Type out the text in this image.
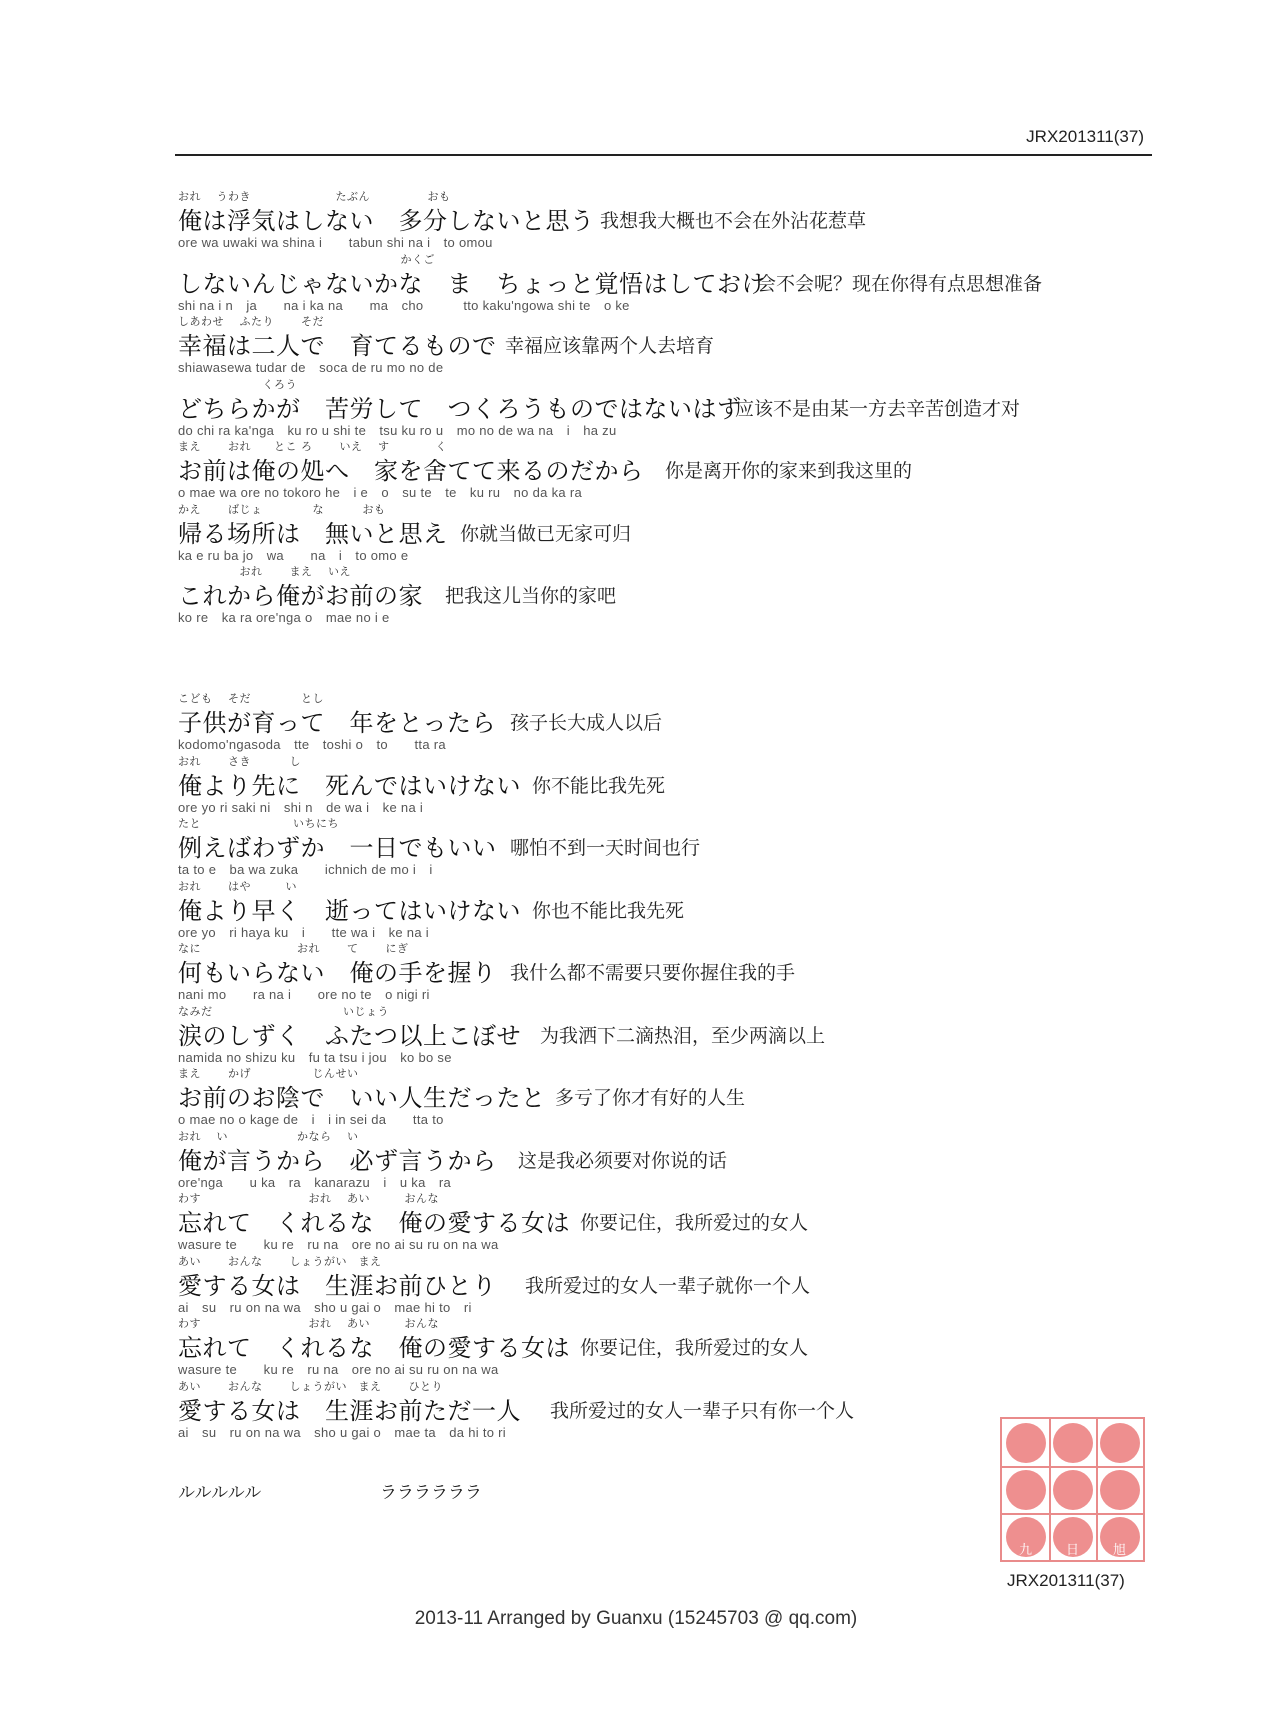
JRX201311(37)
おれ　 うわき　　　　　　　 たぶん　　　　　おも
俺は浮気はしない　多分しないと思う
ore wa uwaki wa shina i　　tabun shi na i　to omou
我想我大概也不会在外沾花惹草
　　　　　　　　　　　　　　　　　　　 かくご
しないんじゃないかな　ま　ちょっと覚悟はしておけ
shi na i n　ja　　na i ka na　　ma　cho　　　tto kaku'ngowa shi te　o ke
会不会呢？现在你得有点思想准备
しあわせ　 ふたり　　 そだ
幸福は二人で　育てるもので
shiawasewa tudar de　soca de ru mo no de
幸福应该靠两个人去培育
　　　　　　　 くろう
どちらかが　苦労して　つくろうものではないはず
do chi ra ka'nga　ku ro u shi te　tsu ku ro u　mo no de wa na　i　ha zu
应该不是由某一方去辛苦创造才对
まえ　　 おれ　　とこ ろ　　 いえ　 す　　　　く
お前は俺の処へ　家を舍てて来るのだから
o mae wa ore no tokoro he　i e　o　su te　te　ku ru　no da ka ra
你是离开你的家来到我这里的
かえ　　 ばじょ　　　　 な　　　 おも
帰る场所は　無いと思え
ka e ru ba jo　wa　　na　i　to omo e
你就当做已无家可归
　　　　　 おれ　　 まえ　 いえ
これから俺がお前の家
ko re　ka ra ore'nga o　mae no i e
把我这儿当你的家吧
こども　 そだ　　　　 とし
子供が育って　年をとったら
kodomo'ngasoda　tte　toshi o　to　　tta ra
孩子长大成人以后
おれ　　 さき　　　 し
俺より先に　死んではいけない
ore yo ri saki ni　shi n　de wa i　ke na i
你不能比我先死
たと　　　　　　　　いちにち
例えばわずか　一日でもいい
ta to e　ba wa zuka　　ichnich de mo i　i
哪怕不到一天时间也行
おれ　　 はや　　　い
俺より早く　逝ってはいけない
ore yo　ri haya ku　i　　tte wa i　ke na i
你也不能比我先死
なに　　　　　　　　 おれ　　 て　　 にぎ
何もいらない　俺の手を握り
nani mo　　ra na i　　ore no te　o nigi ri
我什么都不需要只要你握住我的手
なみだ　　　　　　　　　　　 いじょう
涙のしずく　ふたつ以上こぼせ
namida no shizu ku　fu ta tsu i jou　ko bo se
为我洒下二滴热泪，至少两滴以上
まえ　　 かげ　　　　　 じんせい
お前のお陰で　いい人生だったと
o mae no o kage de　i　i in sei da　　tta to
多亏了你才有好的人生
おれ　 い　　　　　　かなら　 い
俺が言うから　必ず言うから
ore'nga　　u ka　ra　kanarazu　i　u ka　ra
这是我必须要对你说的话
わす　　　　　　　　　 おれ　 あい　　　おんな
忘れて　くれるな　俺の愛する女は
wasure te　　ku re　ru na　ore no ai su ru on na wa
你要记住，我所爱过的女人
あい　　 おんな　　 しょうがい　まえ
愛する女は　生涯お前ひとり
ai　su　ru on na wa　sho u gai o　mae hi to　ri
我所爱过的女人一辈子就你一个人
わす　　　　　　　　　 おれ　 あい　　　おんな
忘れて　くれるな　俺の愛する女は
wasure te　　ku re　ru na　ore no ai su ru on na wa
你要记住，我所爱过的女人
あい　　 おんな　　 しょうがい　まえ　　 ひとり
愛する女は　生涯お前ただ一人
ai　su　ru on na wa　sho u gai o　mae ta　da hi to ri
我所爱过的女人一辈子只有你一个人
ルルルルル	ララララララ
九	日	旭
JRX201311(37)
2013-11 Arranged by Guanxu (15245703 @ qq.com)
